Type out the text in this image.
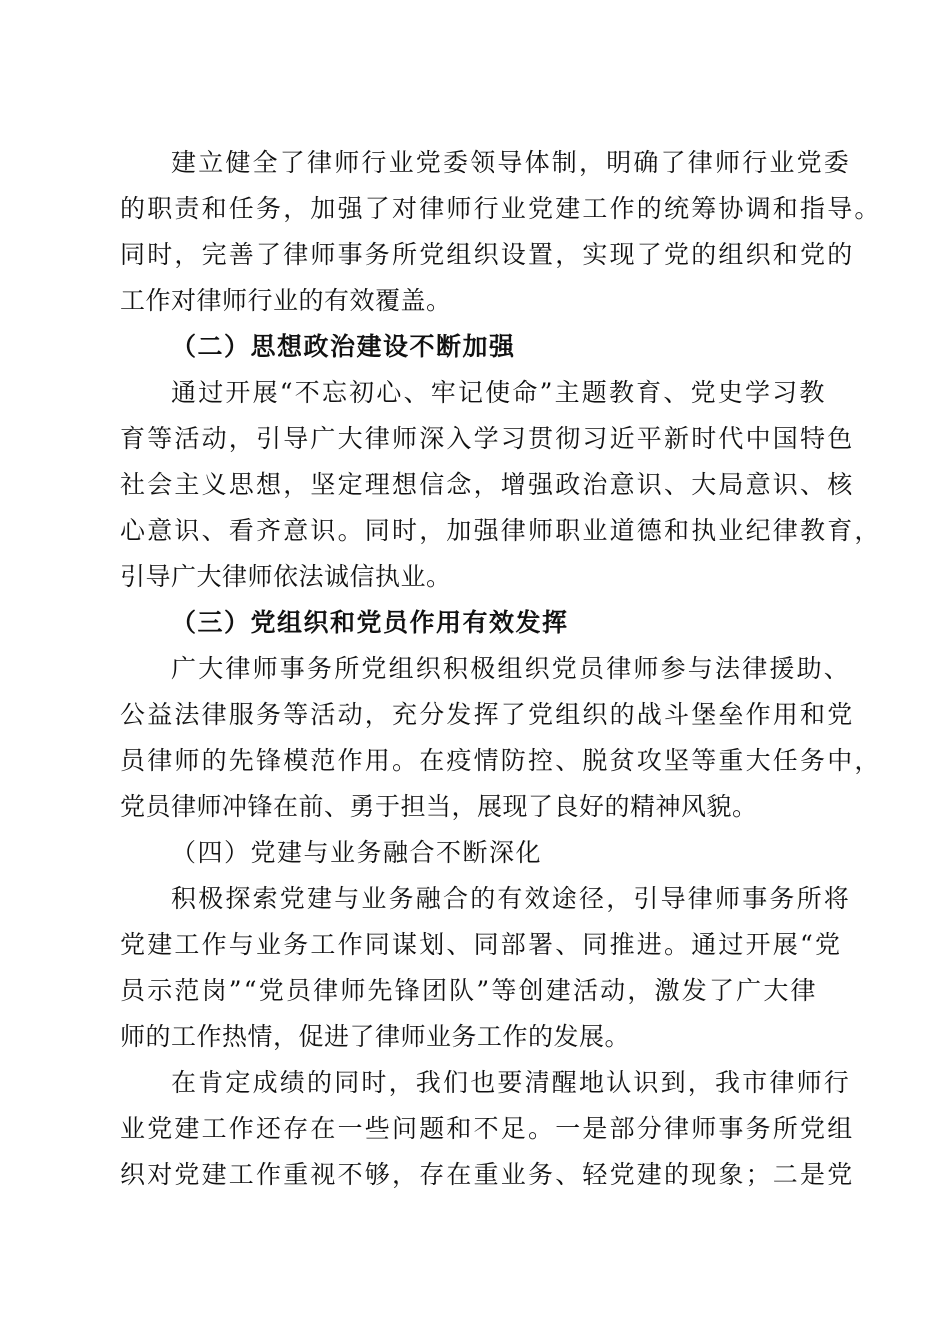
建立健全了律师行业党委领导体制，明确了律师行业党委
的职责和任务，加强了对律师行业党建工作的统筹协调和指导。
同时，完善了律师事务所党组织设置，实现了党的组织和党的
工作对律师行业的有效覆盖。
（二）思想政治建设不断加强
通过开展“不忘初心、牢记使命”主题教育、党史学习教
育等活动，引导广大律师深入学习贯彻习近平新时代中国特色
社会主义思想，坚定理想信念，增强政治意识、大局意识、核
心意识、看齐意识。同时，加强律师职业道德和执业纪律教育，
引导广大律师依法诚信执业。
（三）党组织和党员作用有效发挥
广大律师事务所党组织积极组织党员律师参与法律援助、
公益法律服务等活动，充分发挥了党组织的战斗堡垒作用和党
员律师的先锋模范作用。在疫情防控、脱贫攻坚等重大任务中，
党员律师冲锋在前、勇于担当，展现了良好的精神风貌。
（四）党建与业务融合不断深化
积极探索党建与业务融合的有效途径，引导律师事务所将
党建工作与业务工作同谋划、同部署、同推进。通过开展“党
员示范岗”“党员律师先锋团队”等创建活动，激发了广大律
师的工作热情，促进了律师业务工作的发展。
在肯定成绩的同时，我们也要清醒地认识到，我市律师行
业党建工作还存在一些问题和不足。一是部分律师事务所党组
织对党建工作重视不够，存在重业务、轻党建的现象；二是党
